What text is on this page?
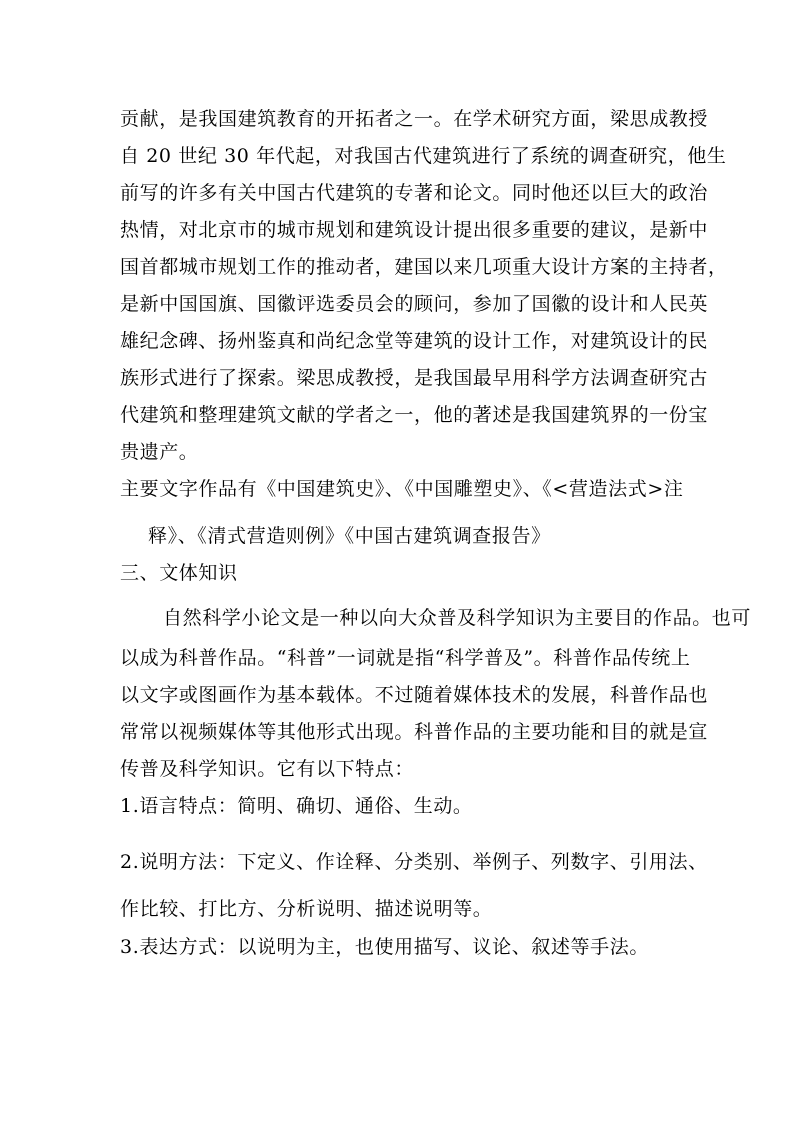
贡献，是我国建筑教育的开拓者之一。在学术研究方面，梁思成教授
自 20 世纪 30 年代起，对我国古代建筑进行了系统的调查研究，他生
前写的许多有关中国古代建筑的专著和论文。同时他还以巨大的政治
热情，对北京市的城市规划和建筑设计提出很多重要的建议，是新中
国首都城市规划工作的推动者，建国以来几项重大设计方案的主持者，
是新中国国旗、国徽评选委员会的顾问，参加了国徽的设计和人民英
雄纪念碑、扬州鉴真和尚纪念堂等建筑的设计工作，对建筑设计的民
族形式进行了探索。梁思成教授，是我国最早用科学方法调查研究古
代建筑和整理建筑文献的学者之一，他的著述是我国建筑界的一份宝
贵遗产。
主要文字作品有《中国建筑史》、《中国雕塑史》、《<营造法式>注
释》、《清式营造则例》《中国古建筑调查报告》
三、文体知识
自然科学小论文是一种以向大众普及科学知识为主要目的作品。也可
以成为科普作品。“科普”一词就是指“科学普及”。科普作品传统上
以文字或图画作为基本载体。不过随着媒体技术的发展，科普作品也
常常以视频媒体等其他形式出现。科普作品的主要功能和目的就是宣
传普及科学知识。它有以下特点：
1.语言特点：简明、确切、通俗、生动。
2.说明方法：下定义、作诠释、分类别、举例子、列数字、引用法、
作比较、打比方、分析说明、描述说明等。
3.表达方式：以说明为主，也使用描写、议论、叙述等手法。
